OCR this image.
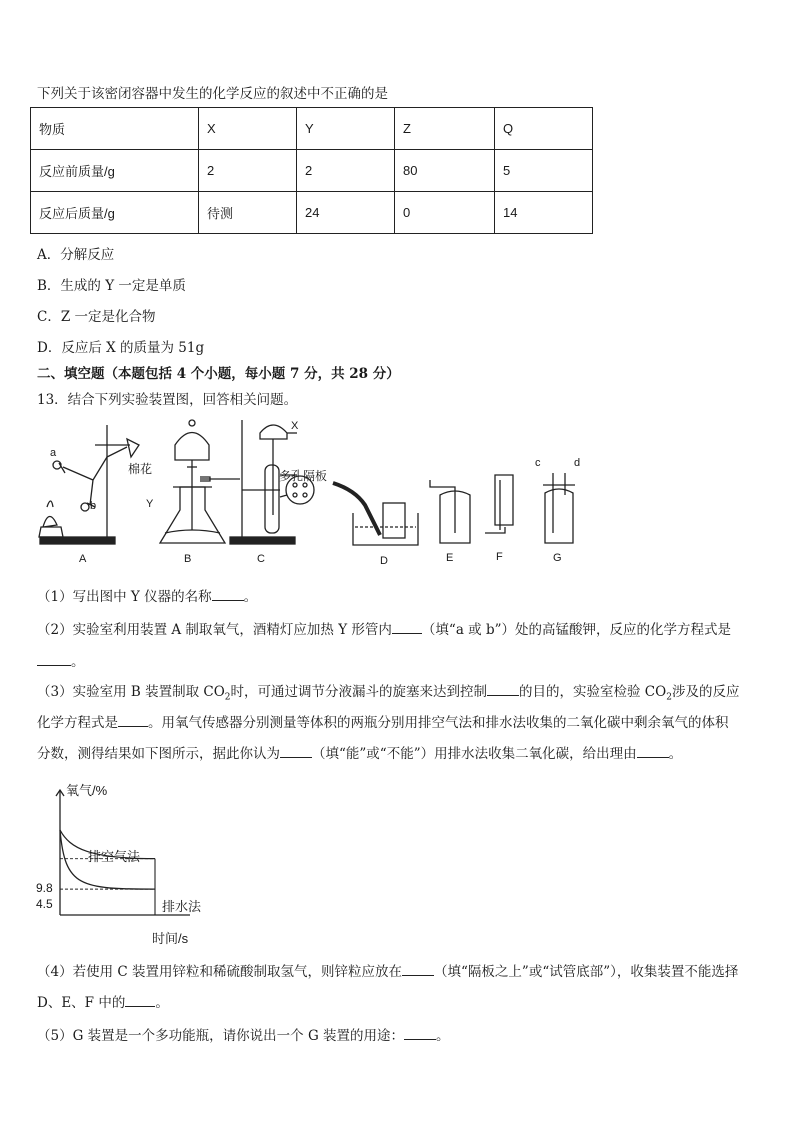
下列关于该密闭容器中发生的化学反应的叙述中不正确的是
物质	X	Y	Z	Q
反应前质量/g	2	2	80	5
反应后质量/g	待测	24	0	14
A．分解反应
B．生成的 Y 一定是单质
C．Z 一定是化合物
D．反应后 X 的质量为 51g
二、填空题（本题包括 4 个小题，每小题 7 分，共 28 分）
13．结合下列实验装置图，回答相关问题。
a
b
棉花
Y
X
多孔隔板
c	d
A	B	C	D	E	F	G
（1）写出图中 Y 仪器的名称 。
（2）实验室利用装置 A 制取氧气，酒精灯应加热 Y 形管内 （填“a 或 b”）处的高锰酸钾，反应的化学方程式是
。
（3）实验室用 B 装置制取 $CO_2$时，可通过调节分液漏斗的旋塞来达到控制 的目的，实验室检验 $CO_2$涉及的反应
化学方程式是 。用氧气传感器分别测量等体积的两瓶分别用排空气法和排水法收集的二氧化碳中剩余氧气的体积
分数，测得结果如下图所示，据此你认为 （填“能”或“不能”）用排水法收集二氧化碳，给出理由 。
氧气/%
时间/s
9.8
4.5
排空气法
排水法
（4）若使用 C 装置用锌粒和稀硫酸制取氢气，则锌粒应放在 （填“隔板之上”或“试管底部”），收集装置不能选择
D、E、F 中的 。
（5）G 装置是一个多功能瓶，请你说出一个 G 装置的用途： 。
